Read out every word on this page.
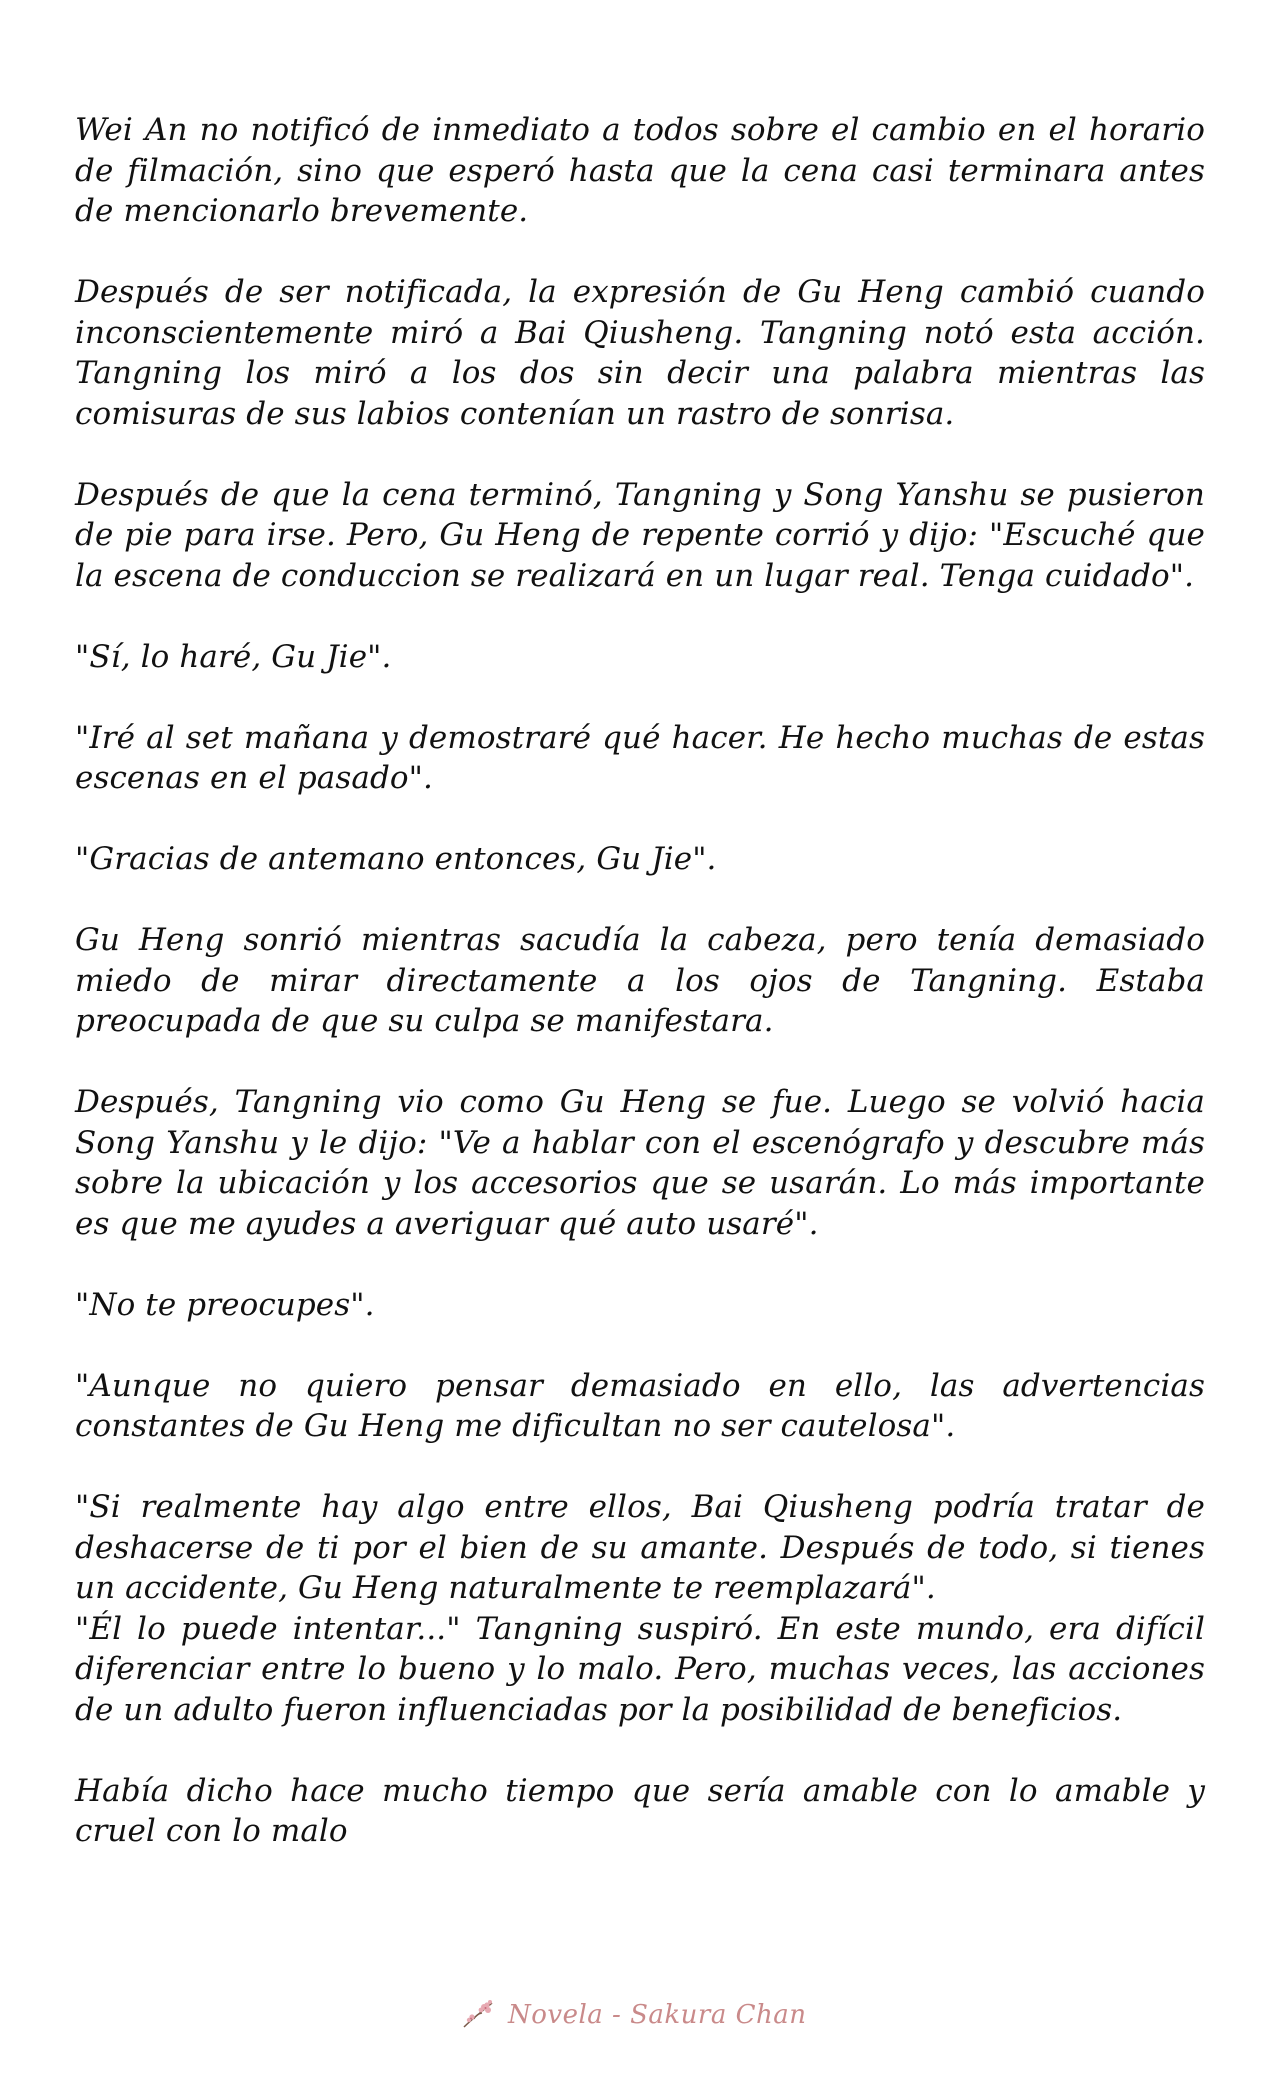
Wei An no notificó de inmediato a todos sobre el cambio en el horario de filmación, sino que esperó hasta que la cena casi terminara antes de mencionarlo brevemente.

Después de ser notificada, la expresión de Gu Heng cambió cuando inconscientemente miró a Bai Qiusheng. Tangning notó esta acción. Tangning los miró a los dos sin decir una palabra mientras las comisuras de sus labios contenían un rastro de sonrisa.

Después de que la cena terminó, Tangning y Song Yanshu se pusieron de pie para irse. Pero, Gu Heng de repente corrió y dijo: "Escuché que la escena de conduccion se realizará en un lugar real. Tenga cuidado".

"Sí, lo haré, Gu Jie".

"Iré al set mañana y demostraré qué hacer. He hecho muchas de estas escenas en el pasado".

"Gracias de antemano entonces, Gu Jie".

Gu Heng sonrió mientras sacudía la cabeza, pero tenía demasiado miedo de mirar directamente a los ojos de Tangning. Estaba preocupada de que su culpa se manifestara.

Después, Tangning vio como Gu Heng se fue. Luego se volvió hacia Song Yanshu y le dijo: "Ve a hablar con el escenógrafo y descubre más sobre la ubicación y los accesorios que se usarán. Lo más importante es que me ayudes a averiguar qué auto usaré".

"No te preocupes".

"Aunque no quiero pensar demasiado en ello, las advertencias constantes de Gu Heng me dificultan no ser cautelosa".

"Si realmente hay algo entre ellos, Bai Qiusheng podría tratar de deshacerse de ti por el bien de su amante. Después de todo, si tienes un accidente, Gu Heng naturalmente te reemplazará".

"Él lo puede intentar..." Tangning suspiró. En este mundo, era difícil diferenciar entre lo bueno y lo malo. Pero, muchas veces, las acciones de un adulto fueron influenciadas por la posibilidad de beneficios.

Había dicho hace mucho tiempo que sería amable con lo amable y cruel con lo malo

Novela - Sakura Chan
